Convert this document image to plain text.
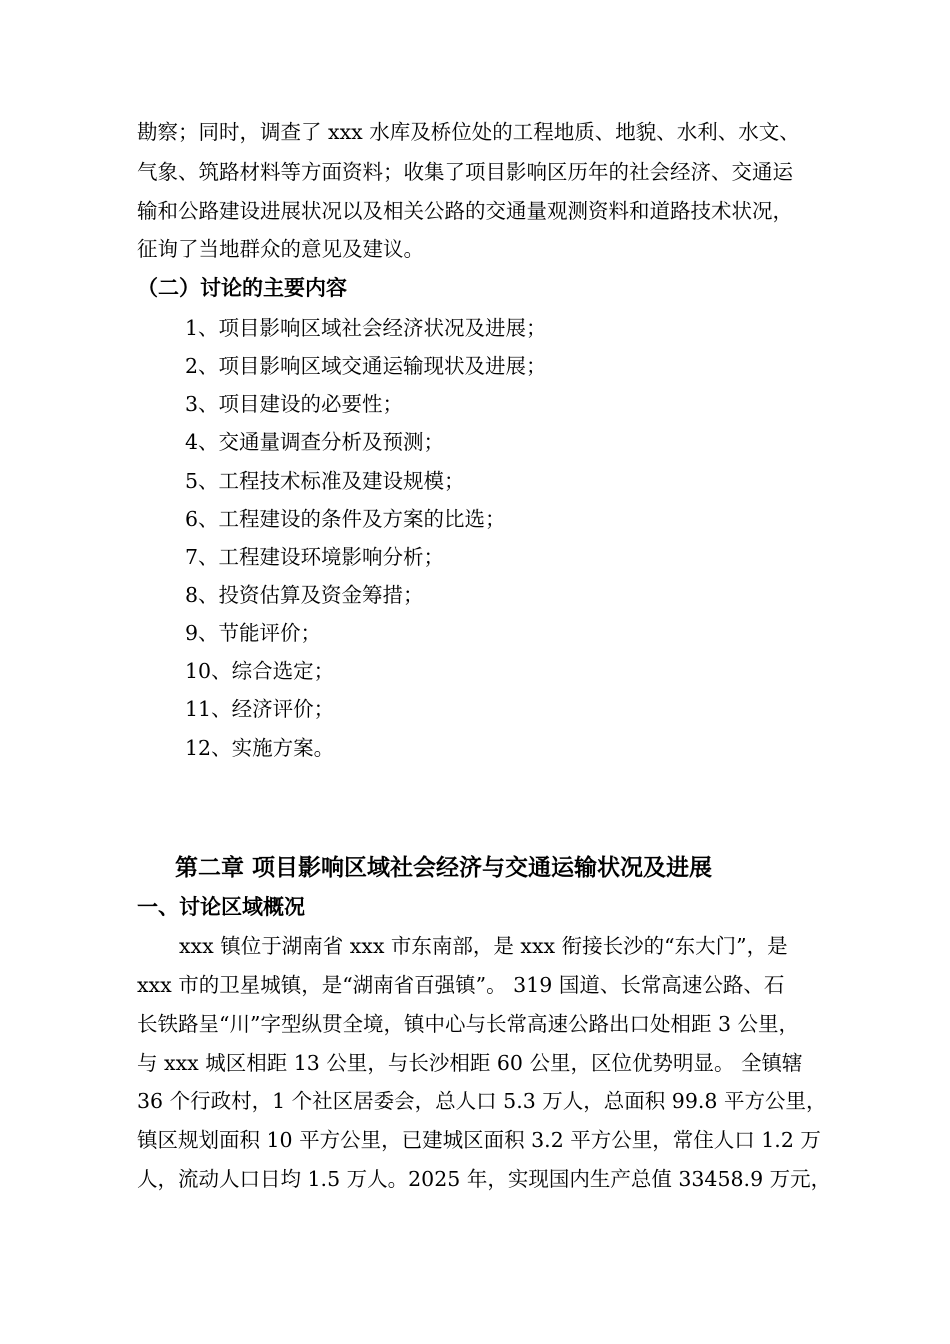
勘察；同时，调查了 xxx 水库及桥位处的工程地质、地貌、水利、水文、
气象、筑路材料等方面资料；收集了项目影响区历年的社会经济、交通运
输和公路建设进展状况以及相关公路的交通量观测资料和道路技术状况，
征询了当地群众的意见及建议。
（二）讨论的主要内容
1、项目影响区域社会经济状况及进展；
2、项目影响区域交通运输现状及进展；
3、项目建设的必要性；
4、交通量调查分析及预测；
5、工程技术标准及建设规模；
6、工程建设的条件及方案的比选；
7、工程建设环境影响分析；
8、投资估算及资金筹措；
9、节能评价；
10、综合选定；
11、经济评价；
12、实施方案。
第二章 项目影响区域社会经济与交通运输状况及进展
一、讨论区域概况
xxx 镇位于湖南省 xxx 市东南部，是 xxx 衔接长沙的“东大门”，是
xxx 市的卫星城镇，是“湖南省百强镇”。 319 国道、长常高速公路、石
长铁路呈“川”字型纵贯全境，镇中心与长常高速公路出口处相距 3 公里，
与 xxx 城区相距 13 公里，与长沙相距 60 公里，区位优势明显。 全镇辖
36 个行政村，1 个社区居委会，总人口 5.3 万人，总面积 99.8 平方公里，
镇区规划面积 10 平方公里，已建城区面积 3.2 平方公里，常住人口 1.2 万
人，流动人口日均 1.5 万人。2025 年，实现国内生产总值 33458.9 万元，
